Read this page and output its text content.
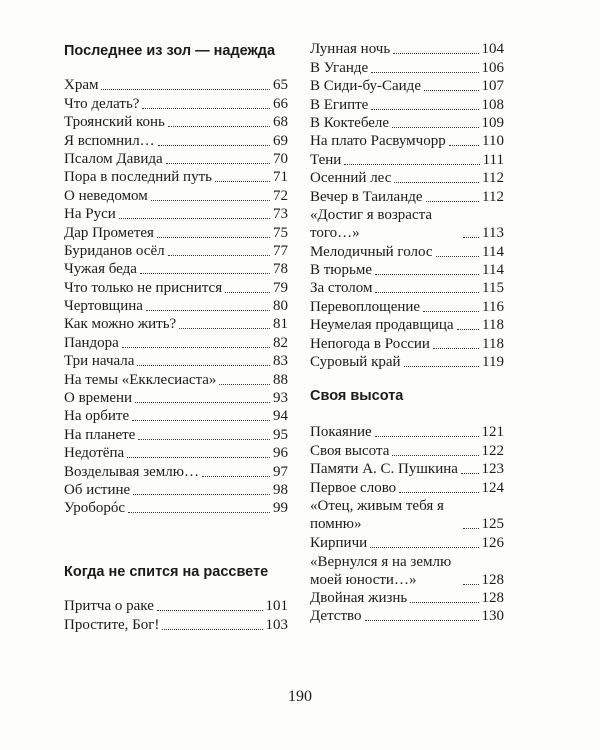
Последнее из зол — надежда
Храм	65
Что делать?	66
Троянский конь	68
Я вспомнил…	69
Псалом Давида	70
Пора в последний путь	71
О неведомом	72
На Руси	73
Дар Прометея	75
Буриданов осёл	77
Чужая беда	78
Что только не приснится	79
Чертовщина	80
Как можно жить?	81
Пандора	82
Три начала	83
На темы «Екклесиаста»	88
О времени	93
На орбите	94
На планете	95
Недотёпа	96
Возделывая землю…	97
Об истине	98
Уроборóс	99
Когда не спится на рассвете
Притча о раке	101
Простите, Бог!	103
Лунная ночь	104
В Уганде	106
В Сиди-бу-Саиде	107
В Египте	108
В Коктебеле	109
На плато Расвумчорр 110
Тени	111
Осенний лес	112
Вечер в Таиланде	112
«Достиг я возраста того…»	113
Мелодичный голос	114
В тюрьме	114
За столом	115
Перевоплощение	116
Неумелая продавщица 118
Непогода в России	118
Суровый край	119
Своя высота
Покаяние	121
Своя высота	122
Памяти А. С. Пушкина 123
Первое слово	124
«Отец, живым тебя я помню»	125
Кирпичи	126
«Вернулся я на землю моей юности…»	128
Двойная жизнь	128
Детство	130
190
